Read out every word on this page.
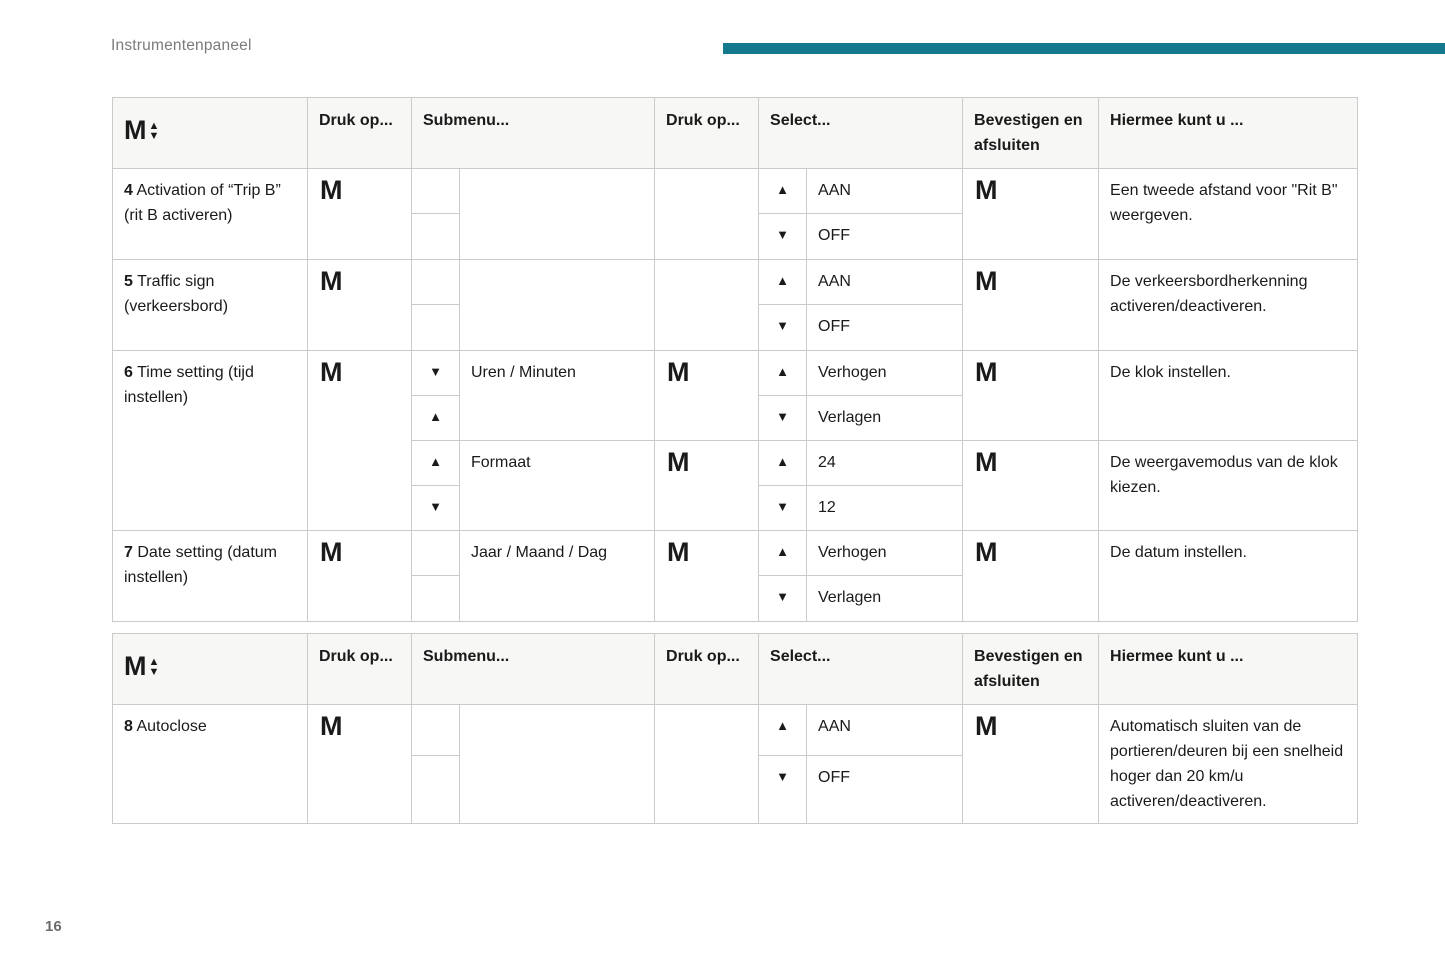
Instrumentenpaneel
M ▲
▼	Druk op...	Submenu...		Druk op...	Select...		Bevestigen en afsluiten	Hiermee kunt u ...
4 Activation of “Trip B” (rit B activeren)	M				▲	AAN	M	Een tweede afstand voor "Rit B" weergeven.
					▼	OFF		
5 Traffic sign (verkeersbord)	M				▲	AAN	M	De verkeersbordherkenning activeren/deactiveren.
					▼	OFF		
6 Time setting (tijd instellen)	M	▼	Uren / Minuten	M	▲	Verhogen	M	De klok instellen.
		▲			▼	Verlagen		
		▲	Formaat	M	▲	24	M	De weergavemodus van de klok kiezen.
		▼			▼	12		
7 Date setting (datum instellen)	M		Jaar / Maand / Dag	M	▲	Verhogen	M	De datum instellen.
					▼	Verlagen		
M ▲
▼	Druk op...	Submenu...		Druk op...	Select...		Bevestigen en afsluiten	Hiermee kunt u ...
8 Autoclose	M				▲	AAN	M	Automatisch sluiten van de portieren/deuren bij een snelheid hoger dan 20 km/u activeren/deactiveren.
					▼	OFF		
16
